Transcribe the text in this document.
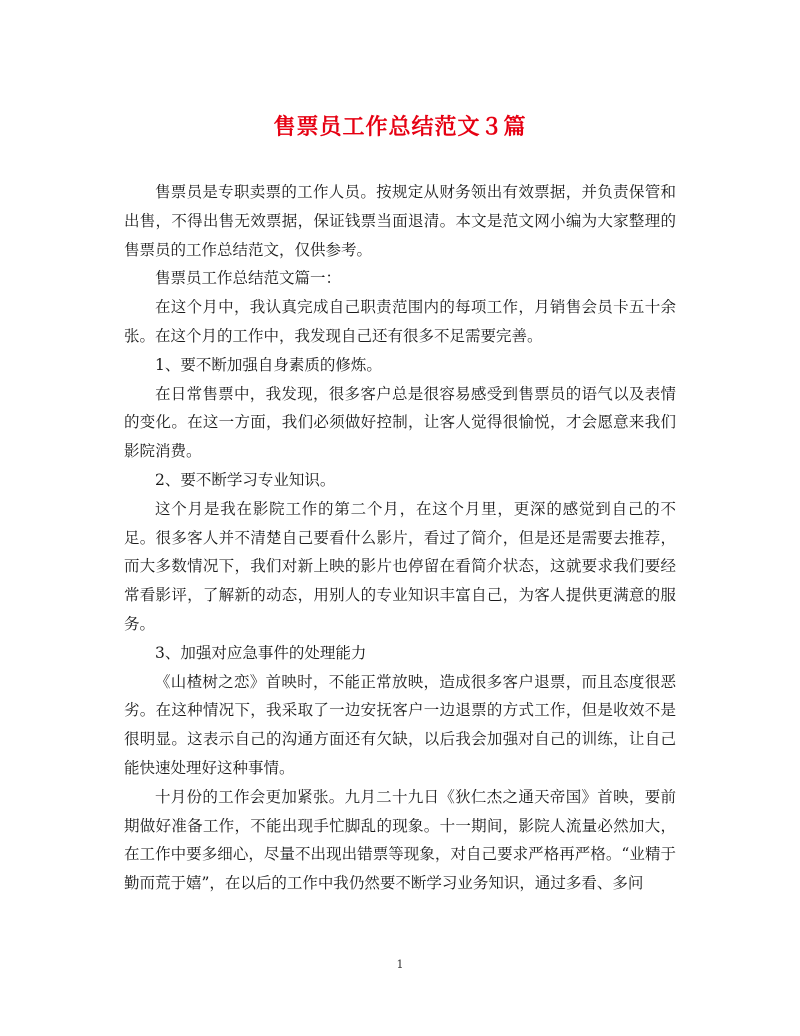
售票员工作总结范文３篇

售票员是专职卖票的工作人员。按规定从财务领出有效票据，并负责保管和出售，不得出售无效票据，保证钱票当面退清。本文是范文网小编为大家整理的售票员的工作总结范文，仅供参考。

售票员工作总结范文篇一：

在这个月中，我认真完成自己职责范围内的每项工作，月销售会员卡五十余张。在这个月的工作中，我发现自己还有很多不足需要完善。

1、要不断加强自身素质的修炼。

在日常售票中，我发现，很多客户总是很容易感受到售票员的语气以及表情的变化。在这一方面，我们必须做好控制，让客人觉得很愉悦，才会愿意来我们影院消费。

2、要不断学习专业知识。

这个月是我在影院工作的第二个月，在这个月里，更深的感觉到自己的不足。很多客人并不清楚自己要看什么影片，看过了简介，但是还是需要去推荐，而大多数情况下，我们对新上映的影片也停留在看简介状态，这就要求我们要经常看影评，了解新的动态，用别人的专业知识丰富自己，为客人提供更满意的服务。

3、加强对应急事件的处理能力

《山楂树之恋》首映时，不能正常放映，造成很多客户退票，而且态度很恶劣。在这种情况下，我采取了一边安抚客户一边退票的方式工作，但是收效不是很明显。这表示自己的沟通方面还有欠缺，以后我会加强对自己的训练，让自己能快速处理好这种事情。

十月份的工作会更加紧张。九月二十九日《狄仁杰之通天帝国》首映，要前期做好准备工作，不能出现手忙脚乱的现象。十一期间，影院人流量必然加大，在工作中要多细心，尽量不出现出错票等现象，对自己要求严格再严格。“业精于勤而荒于嬉”，在以后的工作中我仍然要不断学习业务知识，通过多看、多问

1
